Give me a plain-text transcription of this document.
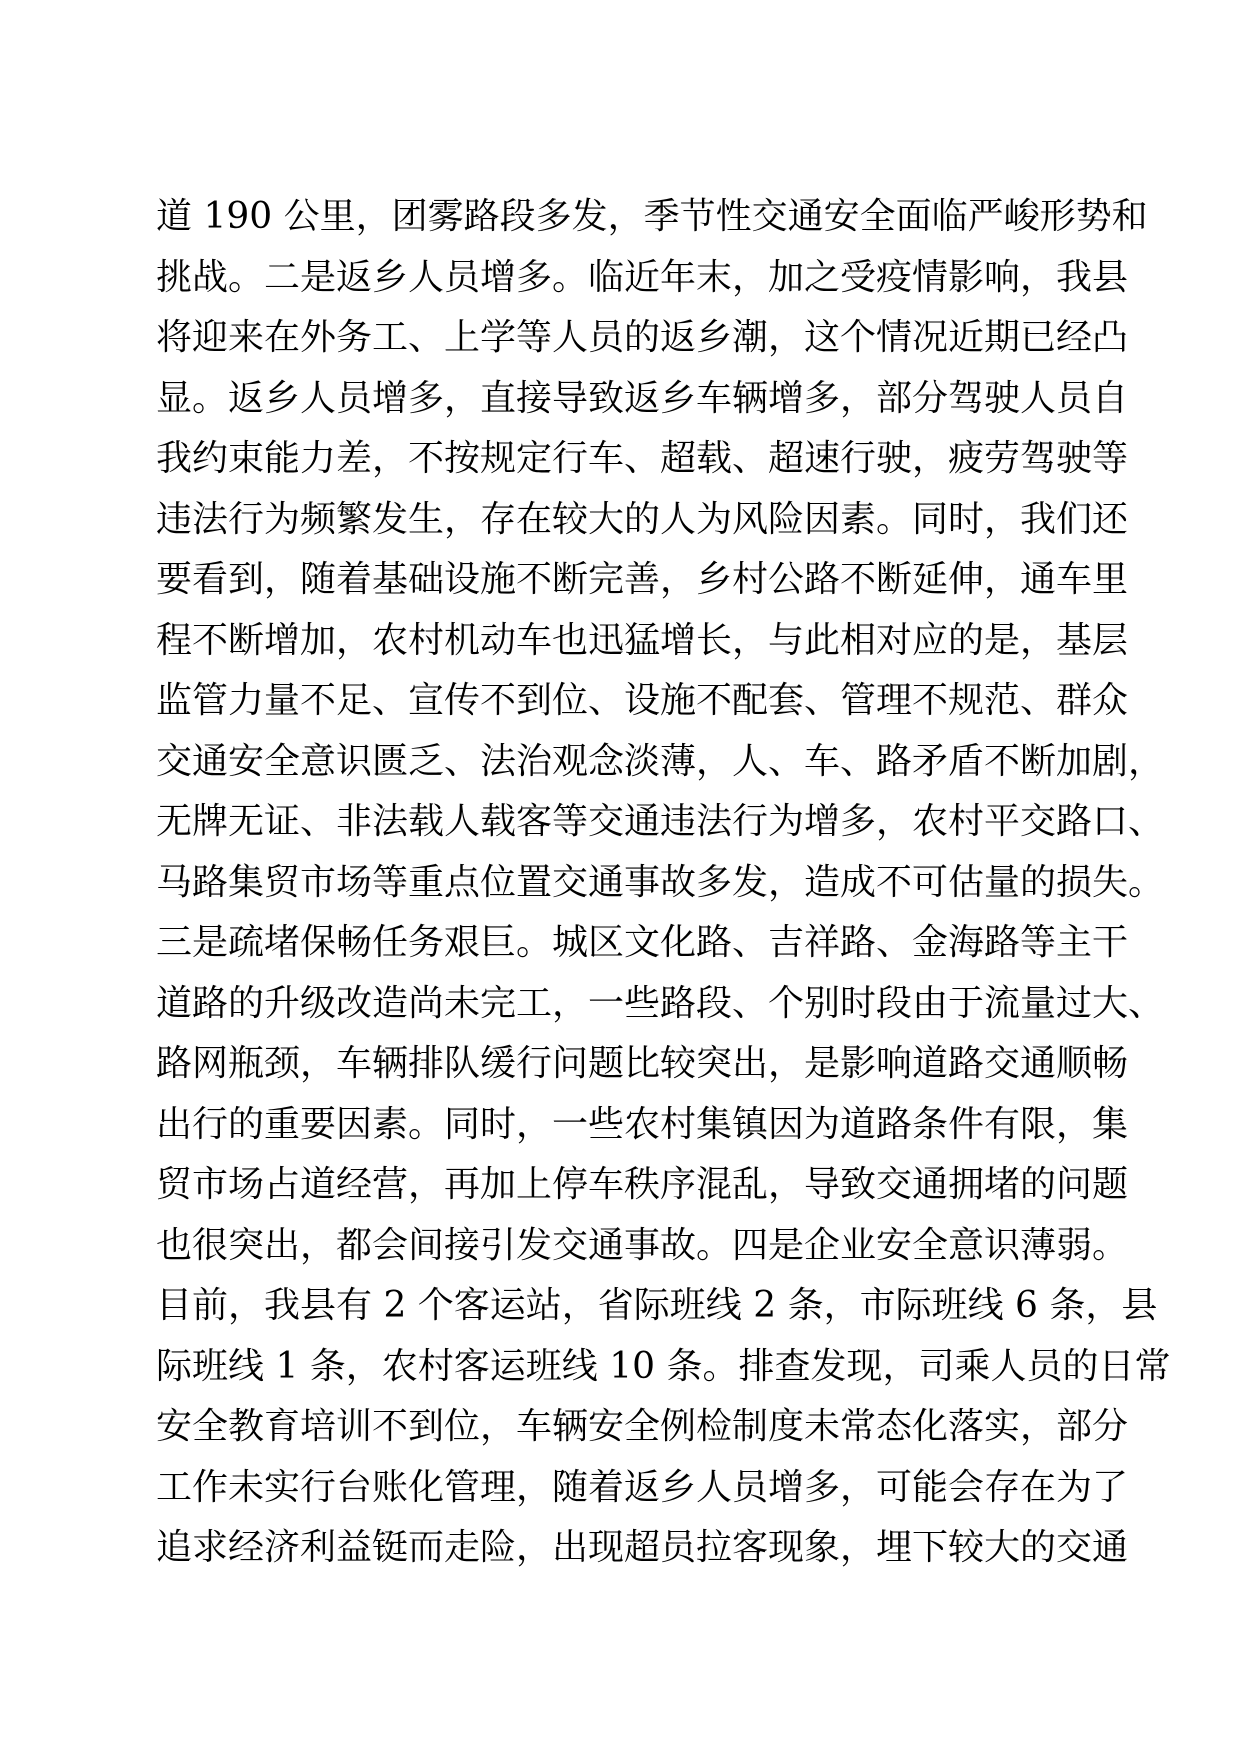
道 190 公里，团雾路段多发，季节性交通安全面临严峻形势和
挑战。二是返乡人员增多。临近年末，加之受疫情影响，我县
将迎来在外务工、上学等人员的返乡潮，这个情况近期已经凸
显。返乡人员增多，直接导致返乡车辆增多，部分驾驶人员自
我约束能力差，不按规定行车、超载、超速行驶，疲劳驾驶等
违法行为频繁发生，存在较大的人为风险因素。同时，我们还
要看到，随着基础设施不断完善，乡村公路不断延伸，通车里
程不断增加，农村机动车也迅猛增长，与此相对应的是，基层
监管力量不足、宣传不到位、设施不配套、管理不规范、群众
交通安全意识匮乏、法治观念淡薄，人、车、路矛盾不断加剧，
无牌无证、非法载人载客等交通违法行为增多，农村平交路口、
马路集贸市场等重点位置交通事故多发，造成不可估量的损失。
三是疏堵保畅任务艰巨。城区文化路、吉祥路、金海路等主干
道路的升级改造尚未完工，一些路段、个别时段由于流量过大、
路网瓶颈，车辆排队缓行问题比较突出，是影响道路交通顺畅
出行的重要因素。同时，一些农村集镇因为道路条件有限，集
贸市场占道经营，再加上停车秩序混乱，导致交通拥堵的问题
也很突出，都会间接引发交通事故。四是企业安全意识薄弱。
目前，我县有 2 个客运站，省际班线 2 条，市际班线 6 条，县
际班线 1 条，农村客运班线 10 条。排查发现，司乘人员的日常
安全教育培训不到位，车辆安全例检制度未常态化落实，部分
工作未实行台账化管理，随着返乡人员增多，可能会存在为了
追求经济利益铤而走险，出现超员拉客现象，埋下较大的交通
